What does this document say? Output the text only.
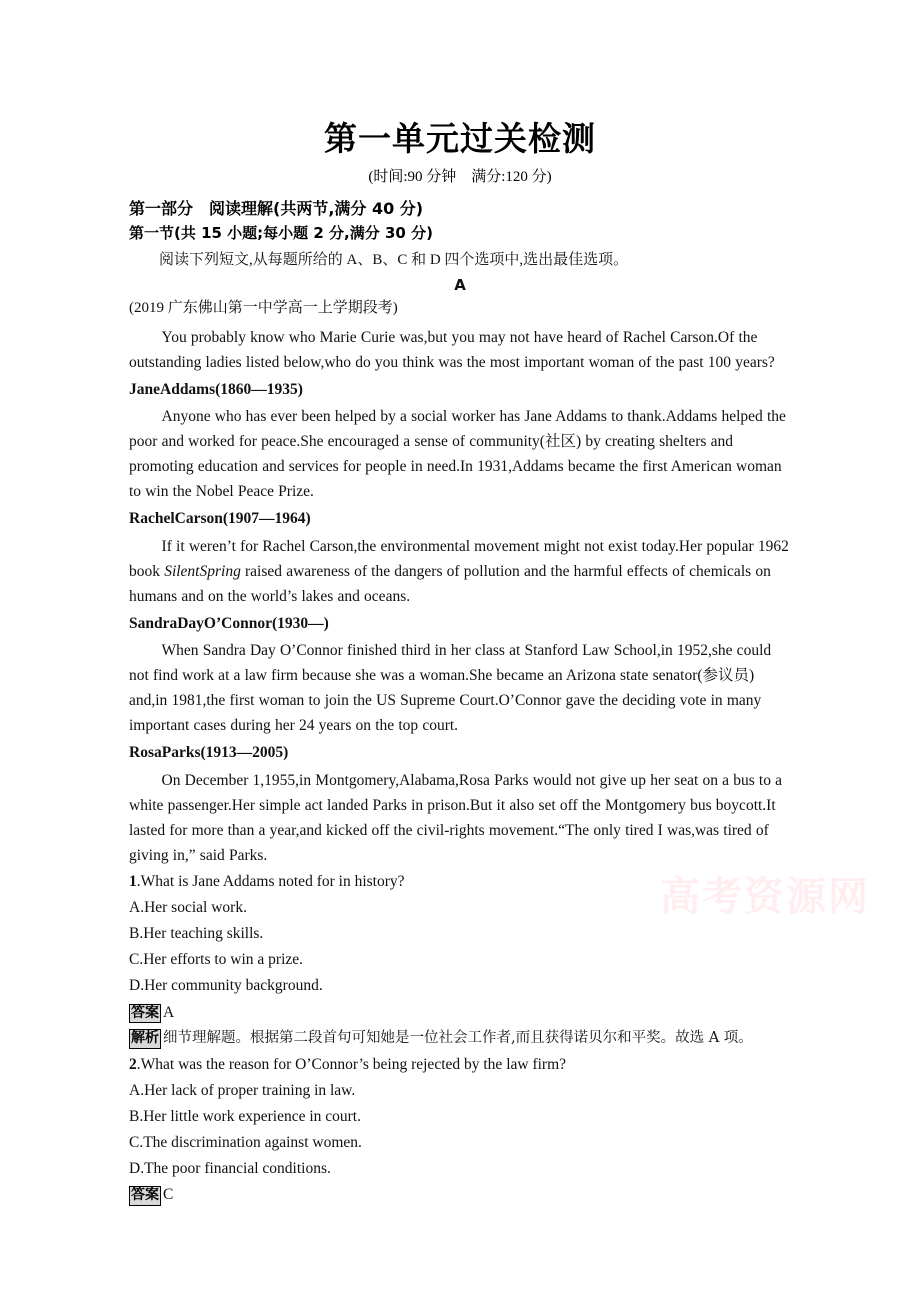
高考资源网
第一单元过关检测
(时间:90 分钟　满分:120 分)
第一部分　阅读理解(共两节,满分 40 分)
第一节(共 15 小题;每小题 2 分,满分 30 分)
阅读下列短文,从每题所给的 A、B、C 和 D 四个选项中,选出最佳选项。
A
(2019 广东佛山第一中学高一上学期段考)

You probably know who Marie Curie was,but you may not have heard of Rachel Carson.Of the outstanding ladies listed below,who do you think was the most important woman of the past 100 years?

JaneAddams(1860—1935)

Anyone who has ever been helped by a social worker has Jane Addams to thank.Addams helped the poor and worked for peace.She encouraged a sense of community(社区) by creating shelters and promoting education and services for people in need.In 1931,Addams became the first American woman to win the Nobel Peace Prize.

RachelCarson(1907—1964)

If it weren’t for Rachel Carson,the environmental movement might not exist today.Her popular 1962 book SilentSpring raised awareness of the dangers of pollution and the harmful effects of chemicals on humans and on the world’s lakes and oceans.

SandraDayO’Connor(1930—)

When Sandra Day O’Connor finished third in her class at Stanford Law School,in 1952,she could not find work at a law firm because she was a woman.She became an Arizona state senator(参议员) and,in 1981,the first woman to join the US Supreme Court.O’Connor gave the deciding vote in many important cases during her 24 years on the top court.

RosaParks(1913—2005)

On December 1,1955,in Montgomery,Alabama,Rosa Parks would not give up her seat on a bus to a white passenger.Her simple act landed Parks in prison.But it also set off the Montgomery bus boycott.It lasted for more than a year,and kicked off the civil-rights movement.“The only tired I was,was tired of giving in,” said Parks.

1.What is Jane Addams noted for in history?
A.Her social work.
B.Her teaching skills.
C.Her efforts to win a prize.
D.Her community background.
答案 A
解析 细节理解题。根据第二段首句可知她是一位社会工作者,而且获得诺贝尔和平奖。故选 A 项。
2.What was the reason for O’Connor’s being rejected by the law firm?
A.Her lack of proper training in law.
B.Her little work experience in court.
C.The discrimination against women.
D.The poor financial conditions.
答案 C
